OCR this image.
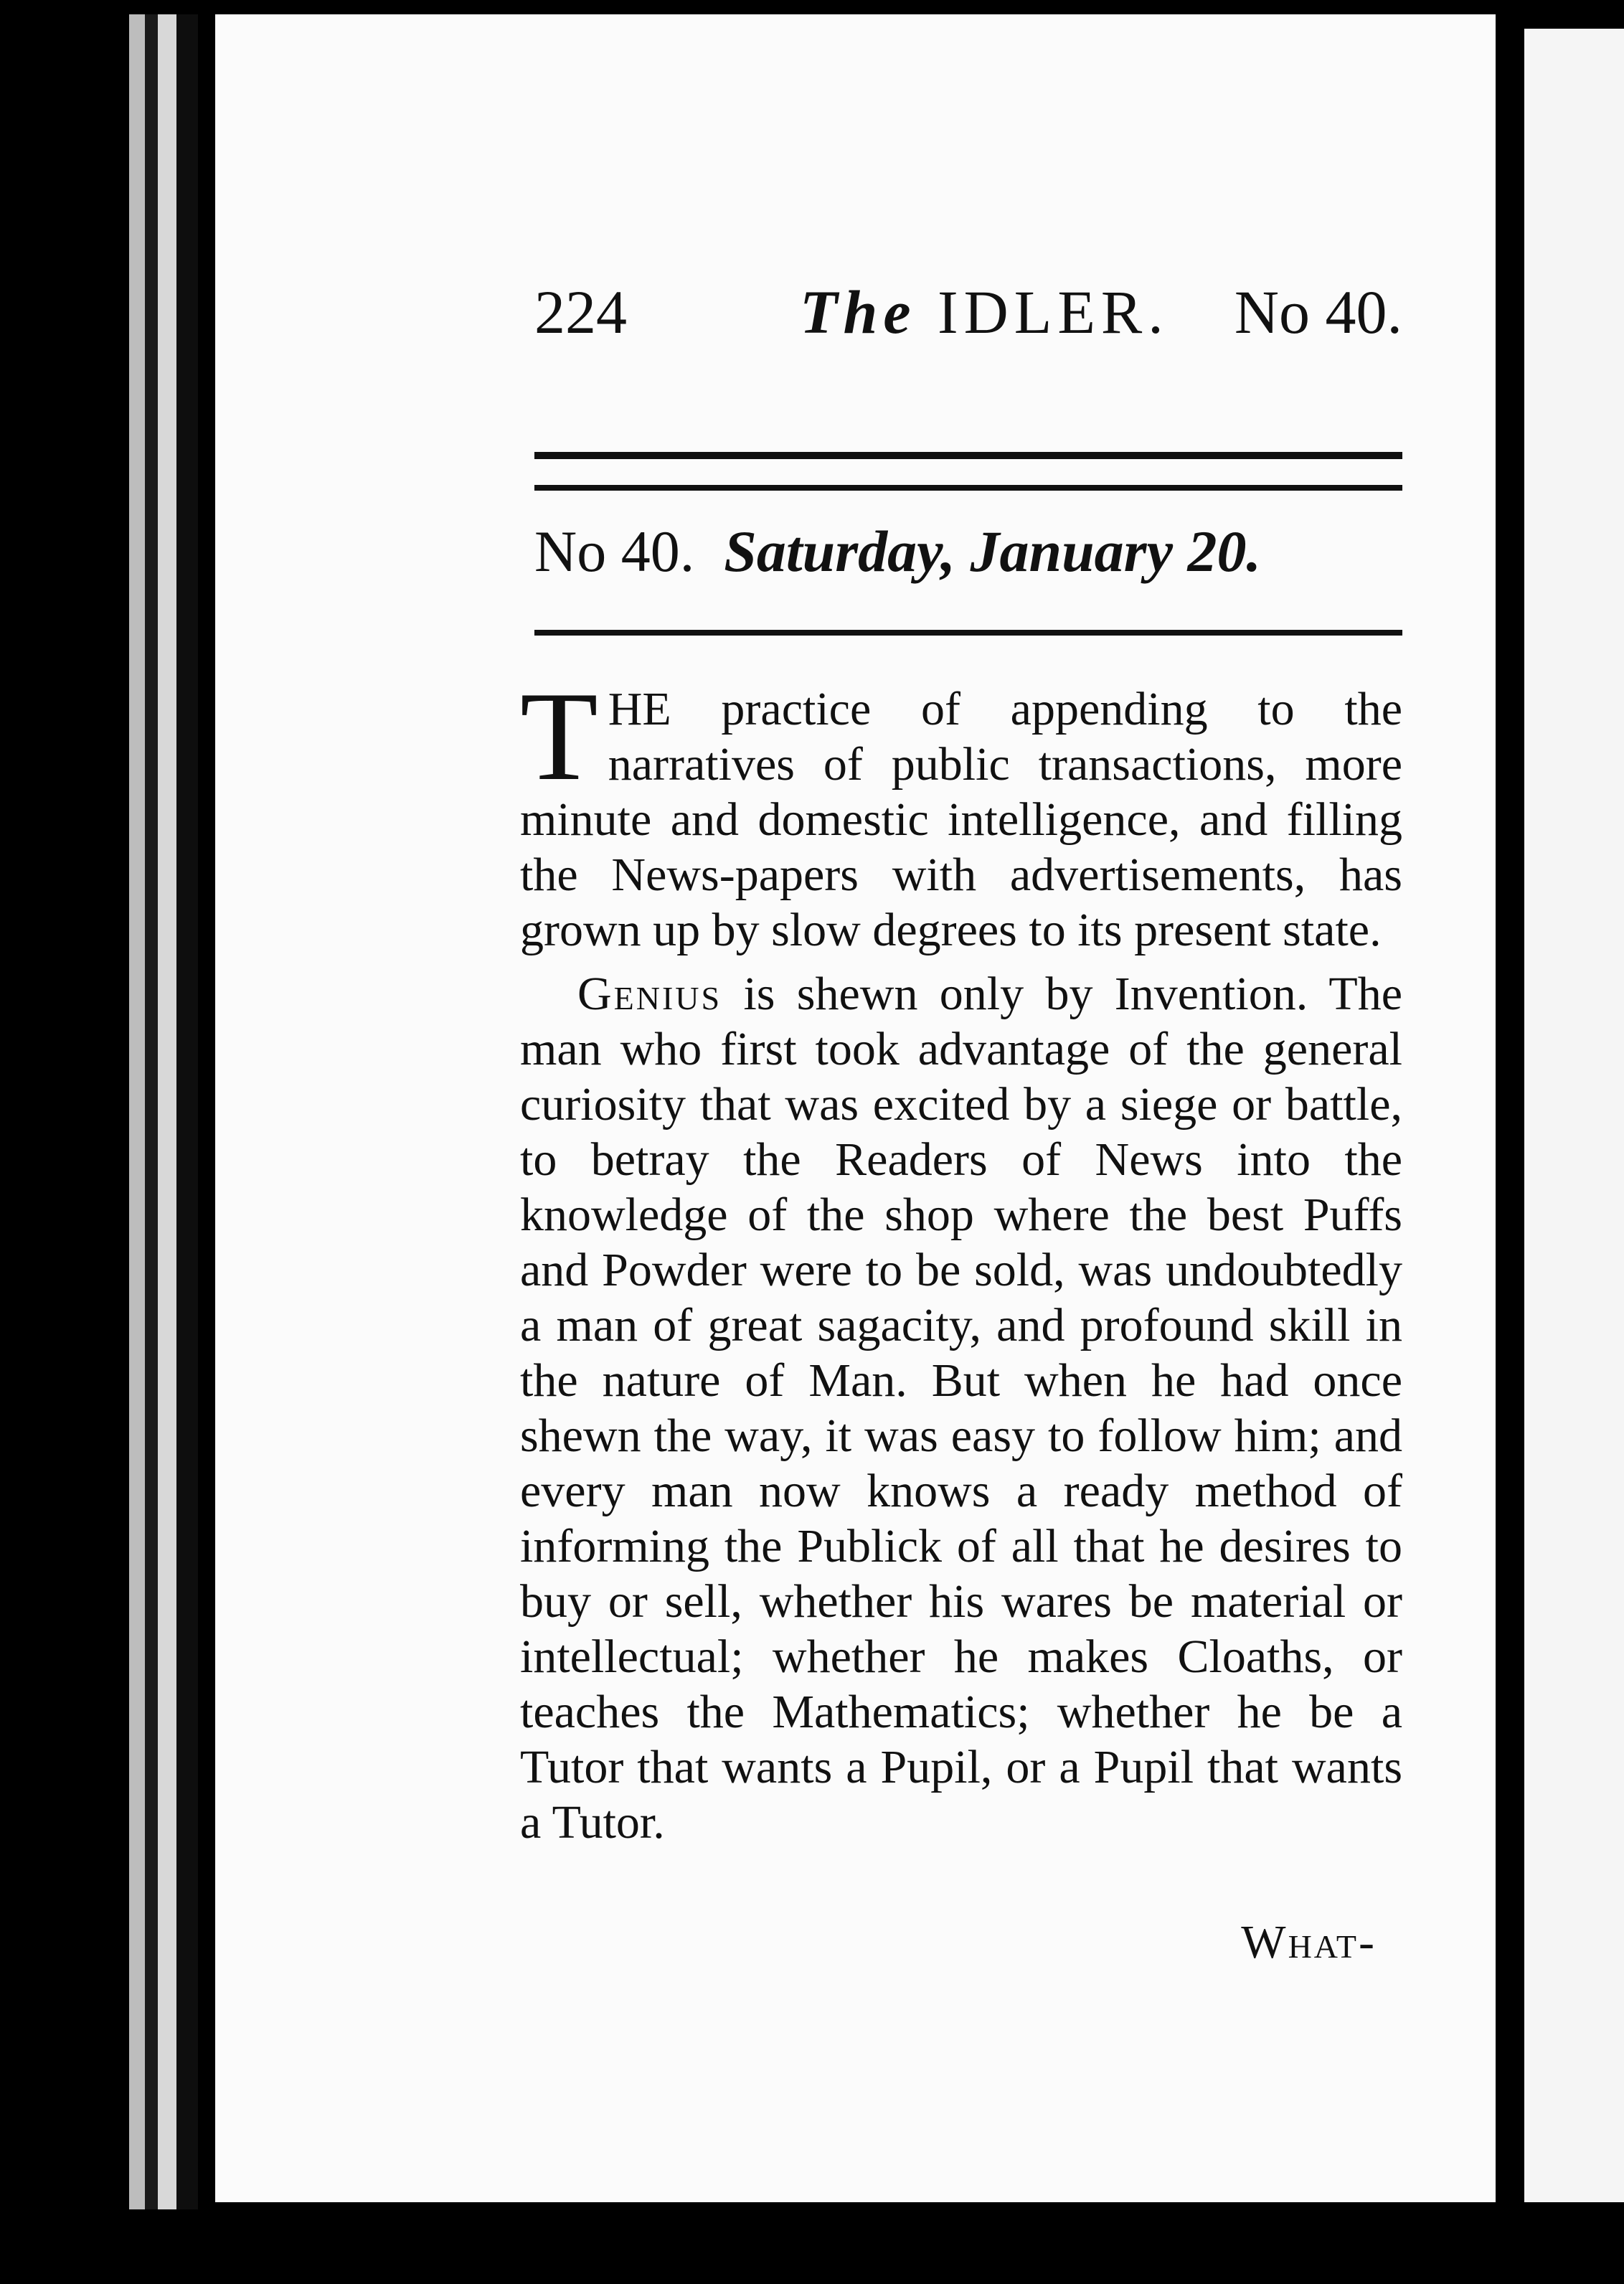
224	The IDLER. No 40.
No 40. Saturday, January 20.

THE practice of appending to the narratives of public transactions, more minute and domestic intelligence, and filling the News-papers with advertisements, has grown up by slow degrees to its present state.

Genius is shewn only by Invention. The man who first took advantage of the general curiosity that was excited by a siege or battle, to betray the Readers of News into the knowledge of the shop where the best Puffs and Powder were to be sold, was undoubtedly a man of great sagacity, and profound skill in the nature of Man. But when he had once shewn the way, it was easy to follow him; and every man now knows a ready method of informing the Publick of all that he desires to buy or sell, whether his wares be material or intellectual; whether he makes Cloaths, or teaches the Mathematics; whether he be a Tutor that wants a Pupil, or a Pupil that wants a Tutor.

What-
